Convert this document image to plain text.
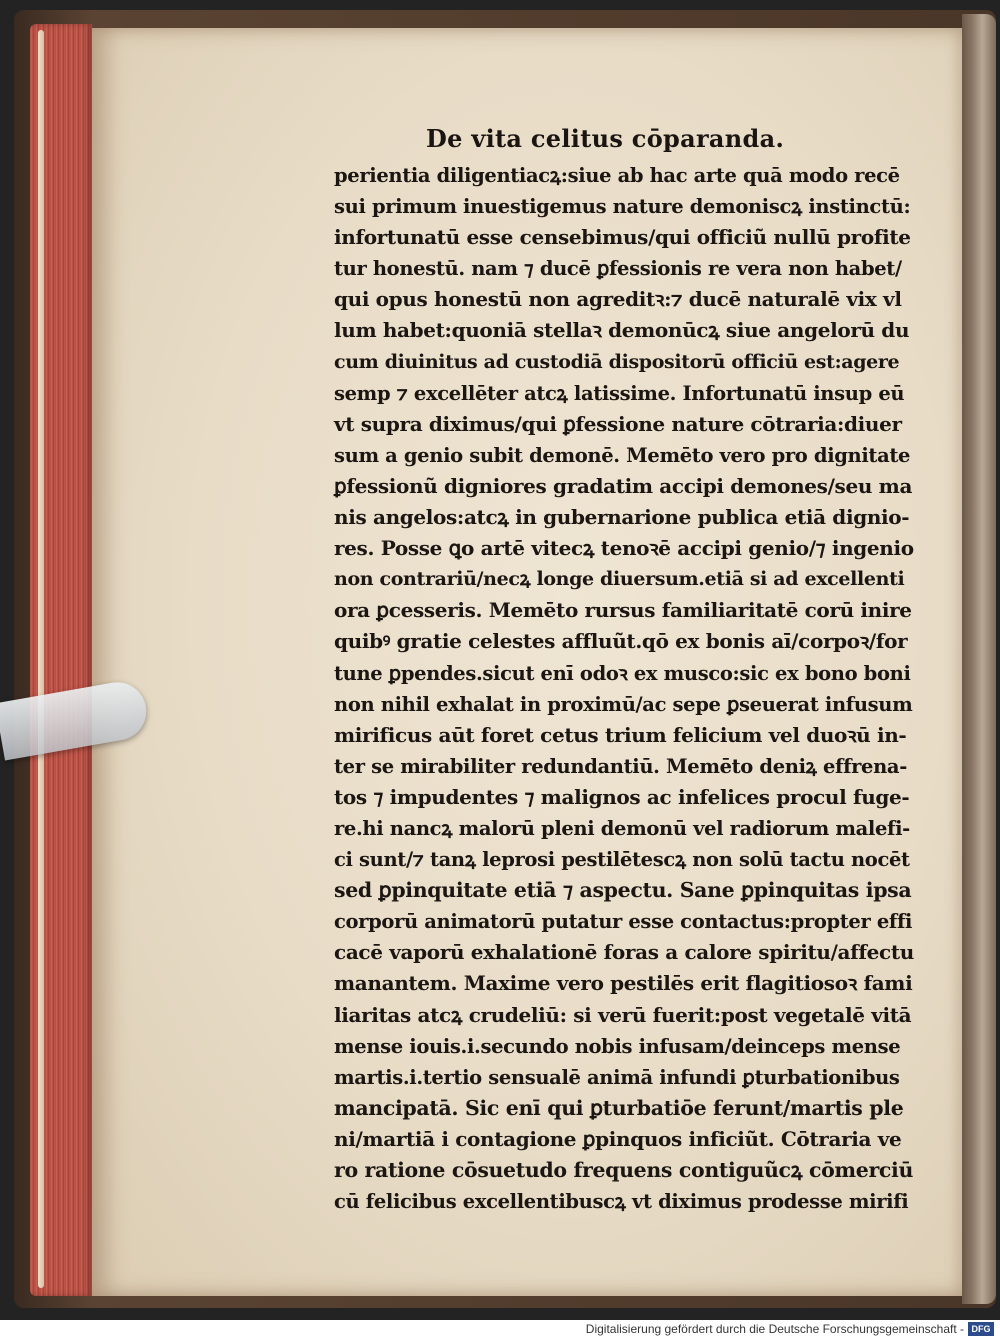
De vita celitus cōparanda.
perientia diligentiacꝝ:siue ab hac arte quā modo recē
sui primum inuestigemus nature demoniscꝝ instinctū:
infortunatū esse censebimus/qui officiũ nullū profite
tur honestū. nam ⁊ ducē ꝑfessionis re vera non habet/
qui opus honestū non agreditꝛ:⁊ ducē naturalē vix vl
lum habet:quoniā stellaꝛ demonūcꝝ siue angelorū du
cum diuinitus ad custodiā dispositorū officiū est:agere
semp ⁊ excellēter atcꝝ latissime. Infortunatū insup eū
vt supra diximus/qui ꝑfessione nature cōtraria:diuer
sum a genio subit demonē. Memēto vero pro dignitate
ꝑfessionũ digniores gradatim accipi demones/seu ma
nis angelos:atcꝝ in gubernarione publica etiā dignio-
res. Posse ꝗo artē vitecꝝ tenoꝛē accipi genio/⁊ ingenio
non contrariū/necꝝ longe diuersum.etiā si ad excellenti
ora ꝑcesseris. Memēto rursus familiaritatē corū inire
quibꝰ gratie celestes affluũt.qō ex bonis aī/corpoꝛ/for
tune ꝑpendes.sicut enī odoꝛ ex musco:sic ex bono boni
non nihil exhalat in proximū/ac sepe ꝑseuerat infusum
mirificus aūt foret cetus trium felicium vel duoꝛū in-
ter se mirabiliter redundantiū. Memēto deniꝝ effrena-
tos ⁊ impudentes ⁊ malignos ac infelices procul fuge-
re.hi nancꝝ malorū pleni demonū vel radiorum malefi-
ci sunt/⁊ tanꝝ leprosi pestilētescꝝ non solū tactu nocēt
sed ꝑpinquitate etiā ⁊ aspectu. Sane ꝑpinquitas ipsa
corporū animatorū putatur esse contactus:propter effi
cacē vaporū exhalationē foras a calore spiritu/affectu
manantem. Maxime vero pestilēs erit flagitiosoꝛ fami
liaritas atcꝝ crudeliū: si verū fuerit:post vegetalē vitā
mense iouis.i.secundo nobis infusam/deinceps mense
martis.i.tertio sensualē animā infundi ꝑturbationibus
mancipatā. Sic enī qui ꝑturbatiōe ferunt/martis ple
ni/martiā i contagione ꝑpinquos inficiũt. Cōtraria ve
ro ratione cōsuetudo frequens contiguũcꝝ cōmerciū
cū felicibus excellentibuscꝝ vt diximus prodesse mirifi
Digitalisierung gefördert durch die Deutsche Forschungsgemeinschaft - DFG
